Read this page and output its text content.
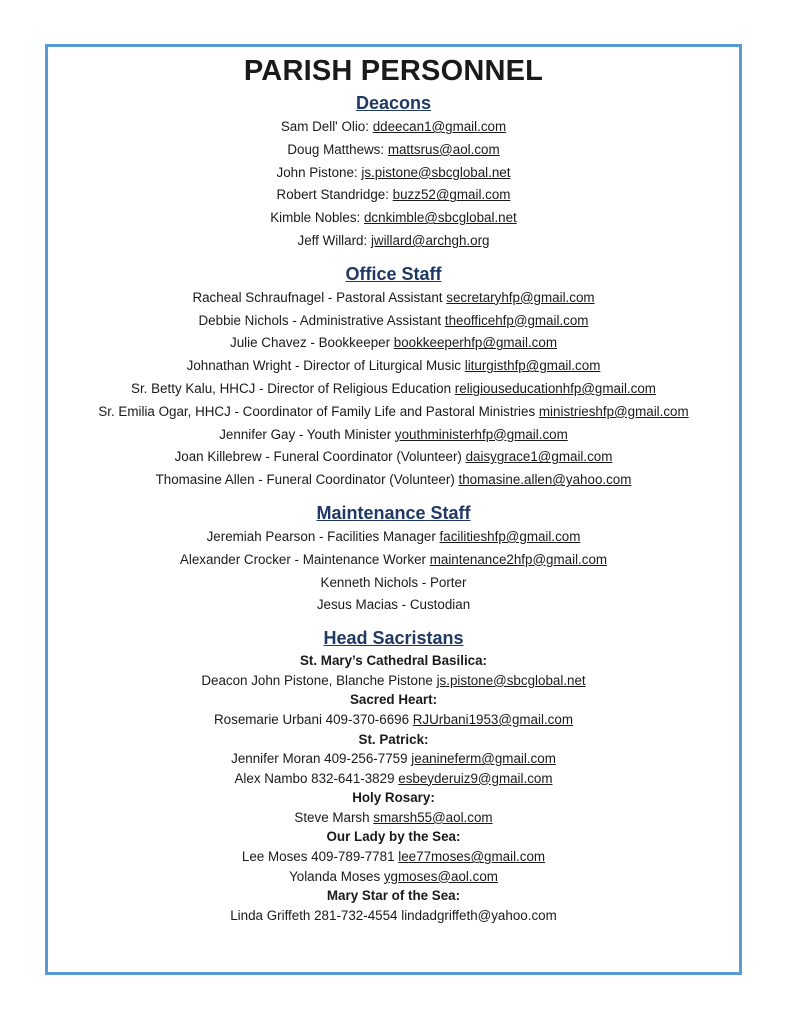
PARISH PERSONNEL
Deacons
Sam Dell' Olio: ddeecan1@gmail.com
Doug Matthews: mattsrus@aol.com
John Pistone: js.pistone@sbcglobal.net
Robert Standridge: buzz52@gmail.com
Kimble Nobles: dcnkimble@sbcglobal.net
Jeff Willard: jwillard@archgh.org
Office Staff
Racheal Schraufnagel - Pastoral Assistant secretaryhfp@gmail.com
Debbie Nichols - Administrative Assistant theofficehfp@gmail.com
Julie Chavez - Bookkeeper bookkeeperhfp@gmail.com
Johnathan Wright - Director of Liturgical Music liturgisthfp@gmail.com
Sr. Betty Kalu, HHCJ - Director of Religious Education religiouseducationhfp@gmail.com
Sr. Emilia Ogar, HHCJ - Coordinator of Family Life and Pastoral Ministries ministrieshfp@gmail.com
Jennifer Gay - Youth Minister youthministerhfp@gmail.com
Joan Killebrew - Funeral Coordinator (Volunteer) daisygrace1@gmail.com
Thomasine Allen - Funeral Coordinator (Volunteer) thomasine.allen@yahoo.com
Maintenance Staff
Jeremiah Pearson - Facilities Manager facilitieshfp@gmail.com
Alexander Crocker - Maintenance Worker maintenance2hfp@gmail.com
Kenneth Nichols - Porter
Jesus Macias - Custodian
Head Sacristans
St. Mary’s Cathedral Basilica:
Deacon John Pistone, Blanche Pistone js.pistone@sbcglobal.net
Sacred Heart:
Rosemarie Urbani 409-370-6696 RJUrbani1953@gmail.com
St. Patrick:
Jennifer Moran 409-256-7759 jeanineferm@gmail.com
Alex Nambo 832-641-3829 esbeyderuiz9@gmail.com
Holy Rosary:
Steve Marsh smarsh55@aol.com
Our Lady by the Sea:
Lee Moses 409-789-7781 lee77moses@gmail.com
Yolanda Moses ygmoses@aol.com
Mary Star of the Sea:
Linda Griffeth 281-732-4554 lindadgriffeth@yahoo.com
